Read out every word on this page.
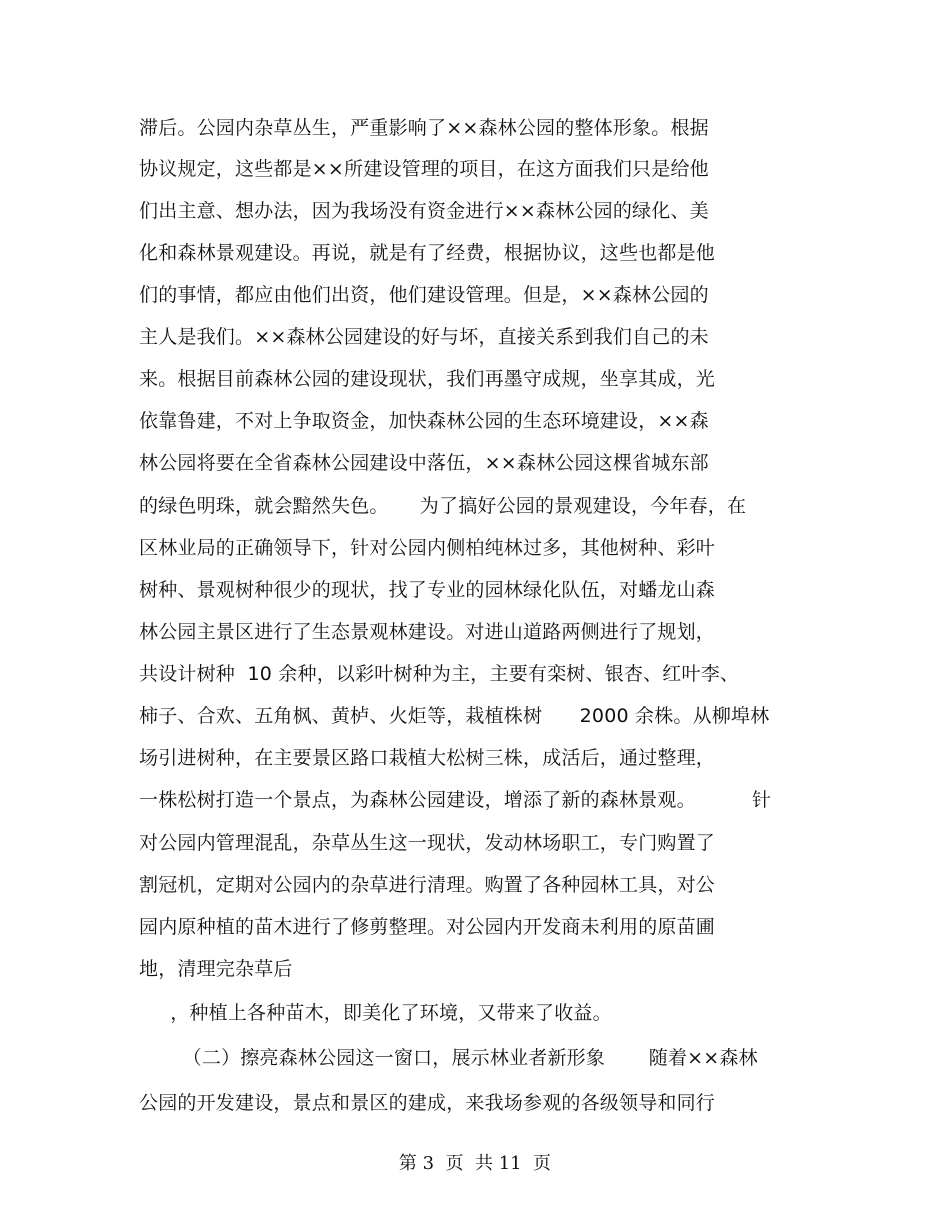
滞后。公园内杂草丛生，严重影响了××森林公园的整体形象。根据
协议规定，这些都是××所建设管理的项目，在这方面我们只是给他
们出主意、想办法，因为我场没有资金进行××森林公园的绿化、美
化和森林景观建设。再说，就是有了经费，根据协议，这些也都是他
们的事情，都应由他们出资，他们建设管理。但是，××森林公园的
主人是我们。××森林公园建设的好与坏，直接关系到我们自己的未
来。根据目前森林公园的建设现状，我们再墨守成规，坐享其成，光
依靠鲁建，不对上争取资金，加快森林公园的生态环境建设，××森
林公园将要在全省森林公园建设中落伍，××森林公园这棵省城东部
的绿色明珠，就会黯然失色。     为了搞好公园的景观建设，今年春，在
区林业局的正确领导下，针对公园内侧柏纯林过多，其他树种、彩叶
树种、景观树种很少的现状，找了专业的园林绿化队伍，对蟠龙山森
林公园主景区进行了生态景观林建设。对进山道路两侧进行了规划，
共设计树种  10 余种，以彩叶树种为主，主要有栾树、银杏、红叶李、
柿子、合欢、五角枫、黄栌、火炬等，栽植株树      2000 余株。从柳埠林
场引进树种，在主要景区路口栽植大松树三株，成活后，通过整理，
一株松树打造一个景点，为森林公园建设，增添了新的森林景观。         针
对公园内管理混乱，杂草丛生这一现状，发动林场职工，专门购置了
割冠机，定期对公园内的杂草进行清理。购置了各种园林工具，对公
园内原种植的苗木进行了修剪整理。对公园内开发商未利用的原苗圃
地，清理完杂草后
，种植上各种苗木，即美化了环境，又带来了收益。
（二）擦亮森林公园这一窗口，展示林业者新形象       随着××森林
公园的开发建设，景点和景区的建成，来我场参观的各级领导和同行
第 3  页  共 11  页
